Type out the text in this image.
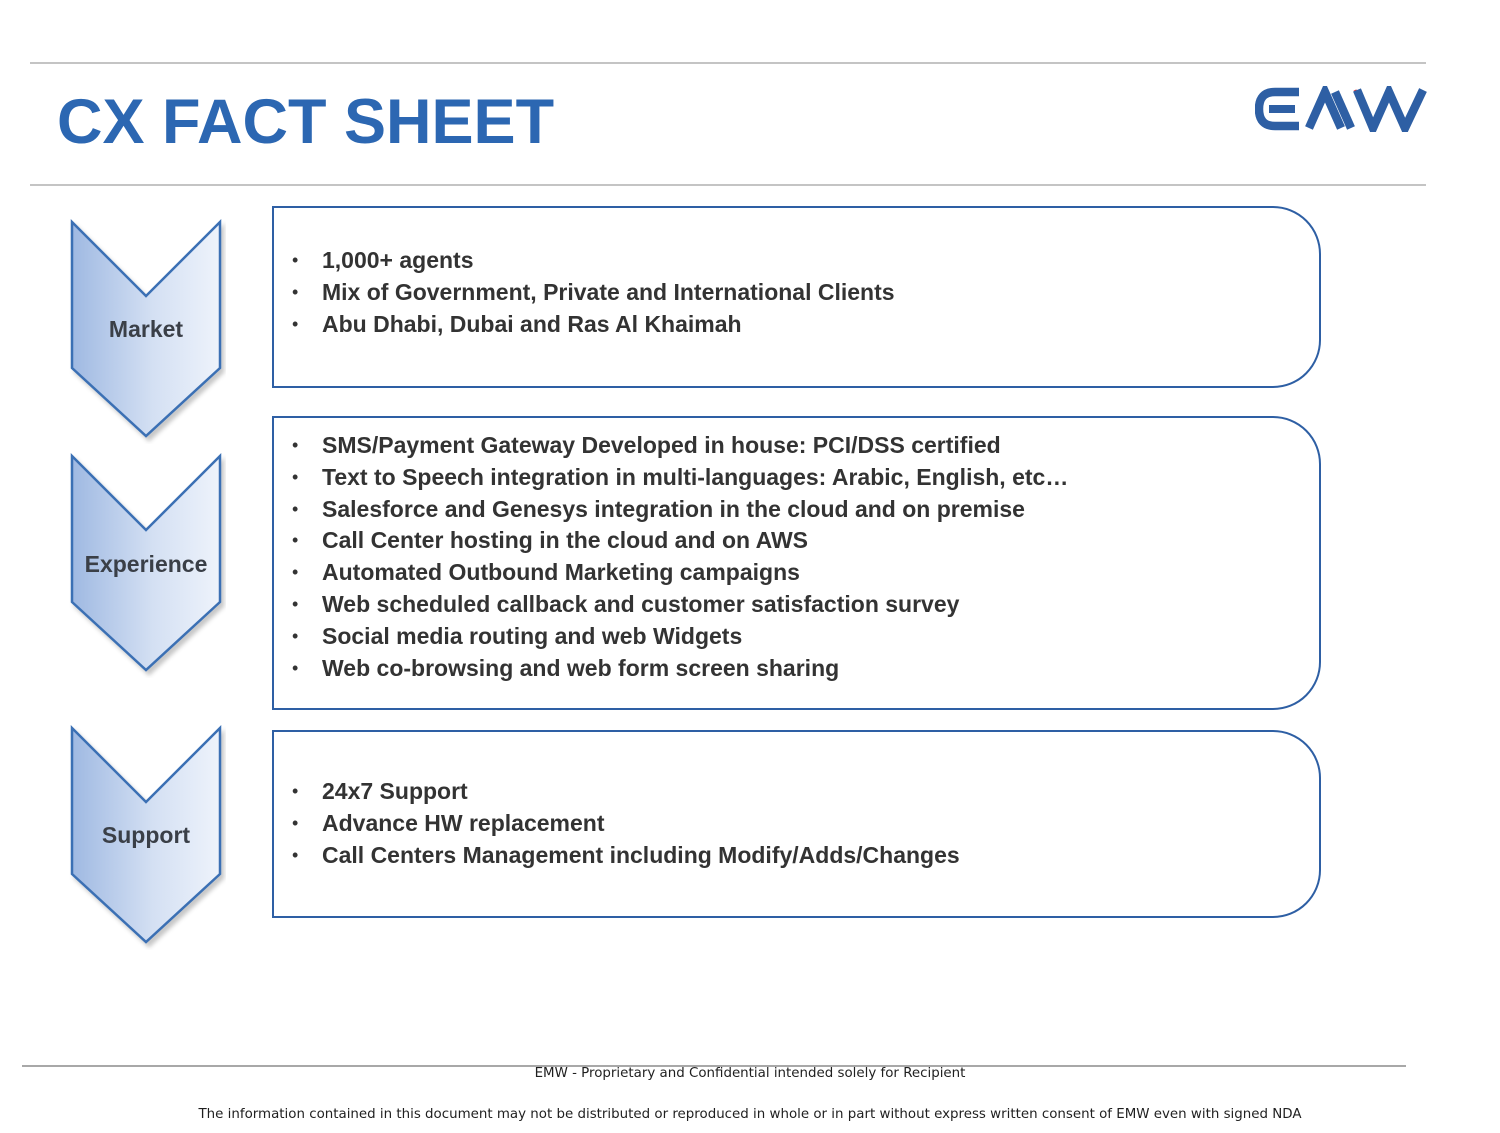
CX FACT SHEET
Market
• 1,000+ agents
• Mix of Government, Private and International Clients
• Abu Dhabi, Dubai and Ras Al Khaimah
Experience
• SMS/Payment Gateway Developed in house: PCI/DSS certified
• Text to Speech integration in multi-languages: Arabic, English, etc…
• Salesforce and Genesys integration in the cloud and on premise
• Call Center hosting in the cloud and on AWS
• Automated Outbound Marketing campaigns
• Web scheduled callback and customer satisfaction survey
• Social media routing and web Widgets
• Web co-browsing and web form screen sharing
Support
• 24x7 Support
• Advance HW replacement
• Call Centers Management including Modify/Adds/Changes
EMW - Proprietary and Confidential intended solely for Recipient
The information contained in this document may not be distributed or reproduced in whole or in part without express written consent of EMW even with signed NDA
